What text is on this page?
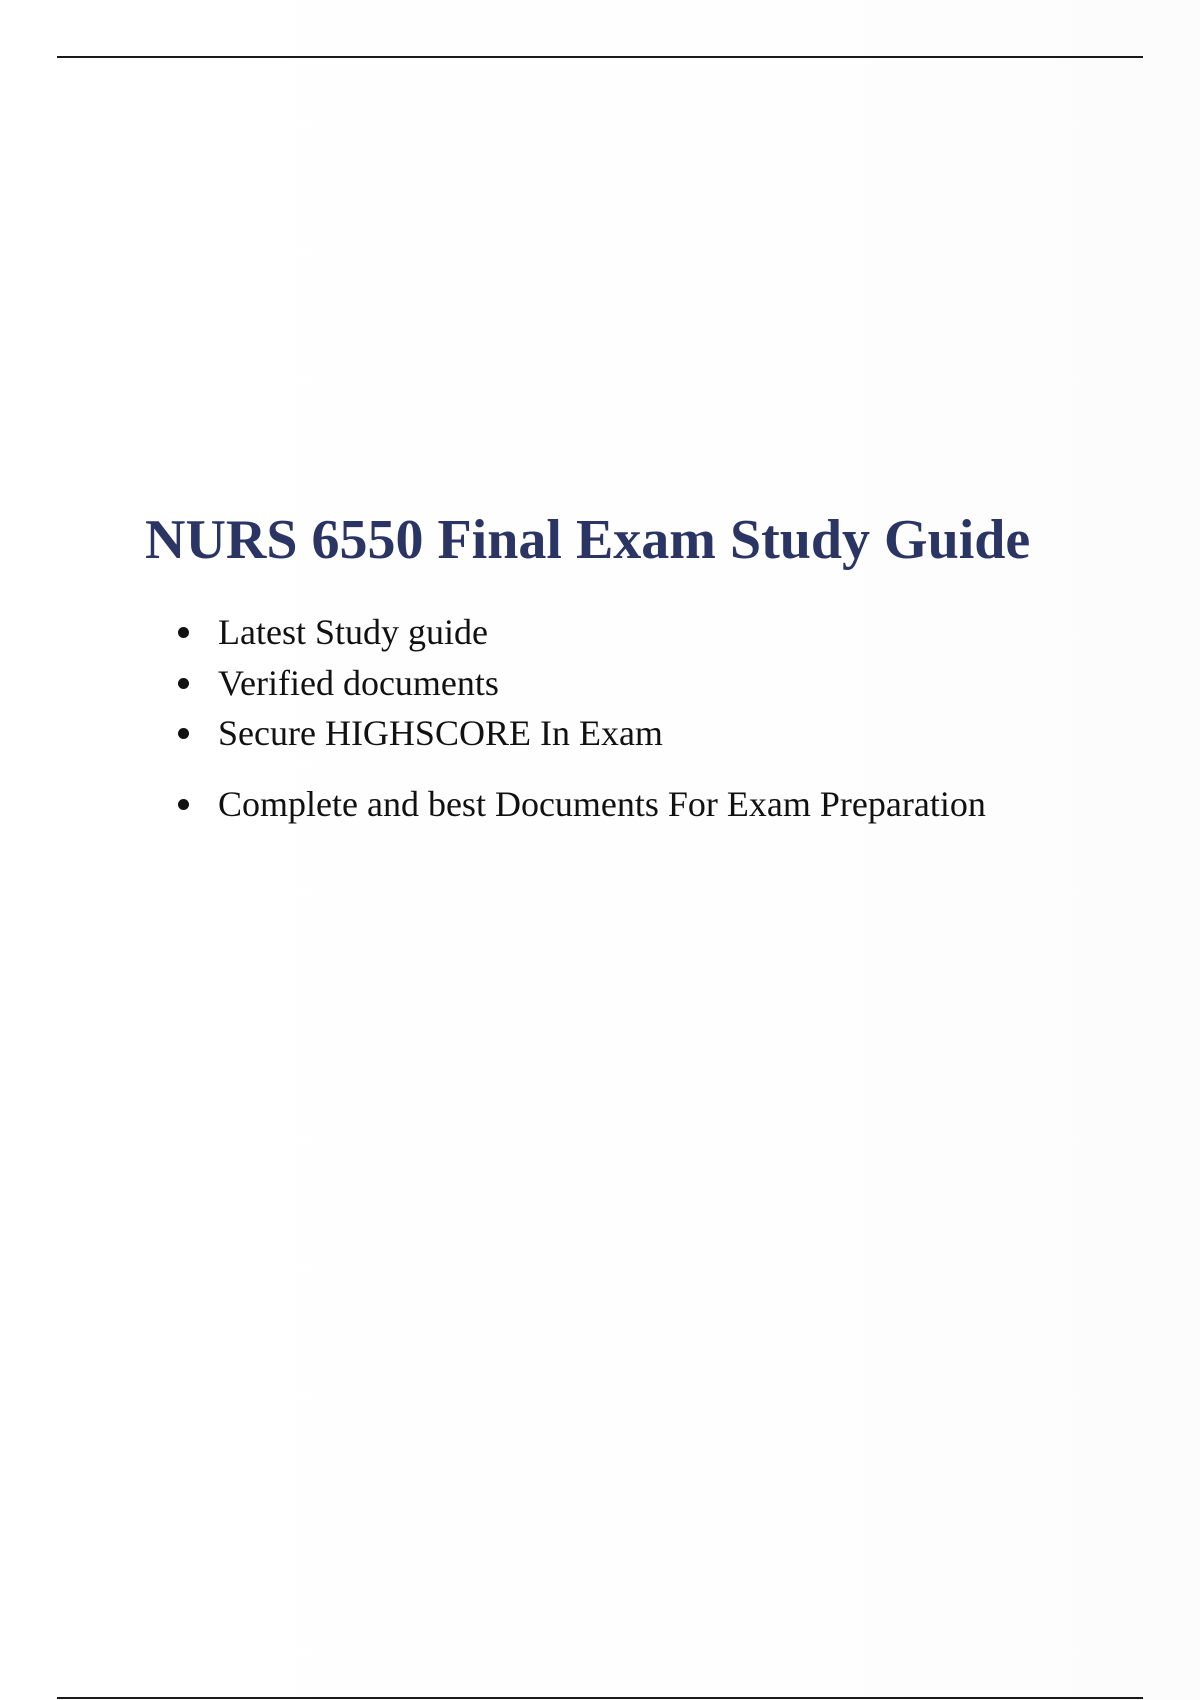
NURS 6550 Final Exam Study Guide
Latest Study guide
Verified documents
Secure HIGHSCORE In Exam
Complete and best Documents For Exam Preparation
